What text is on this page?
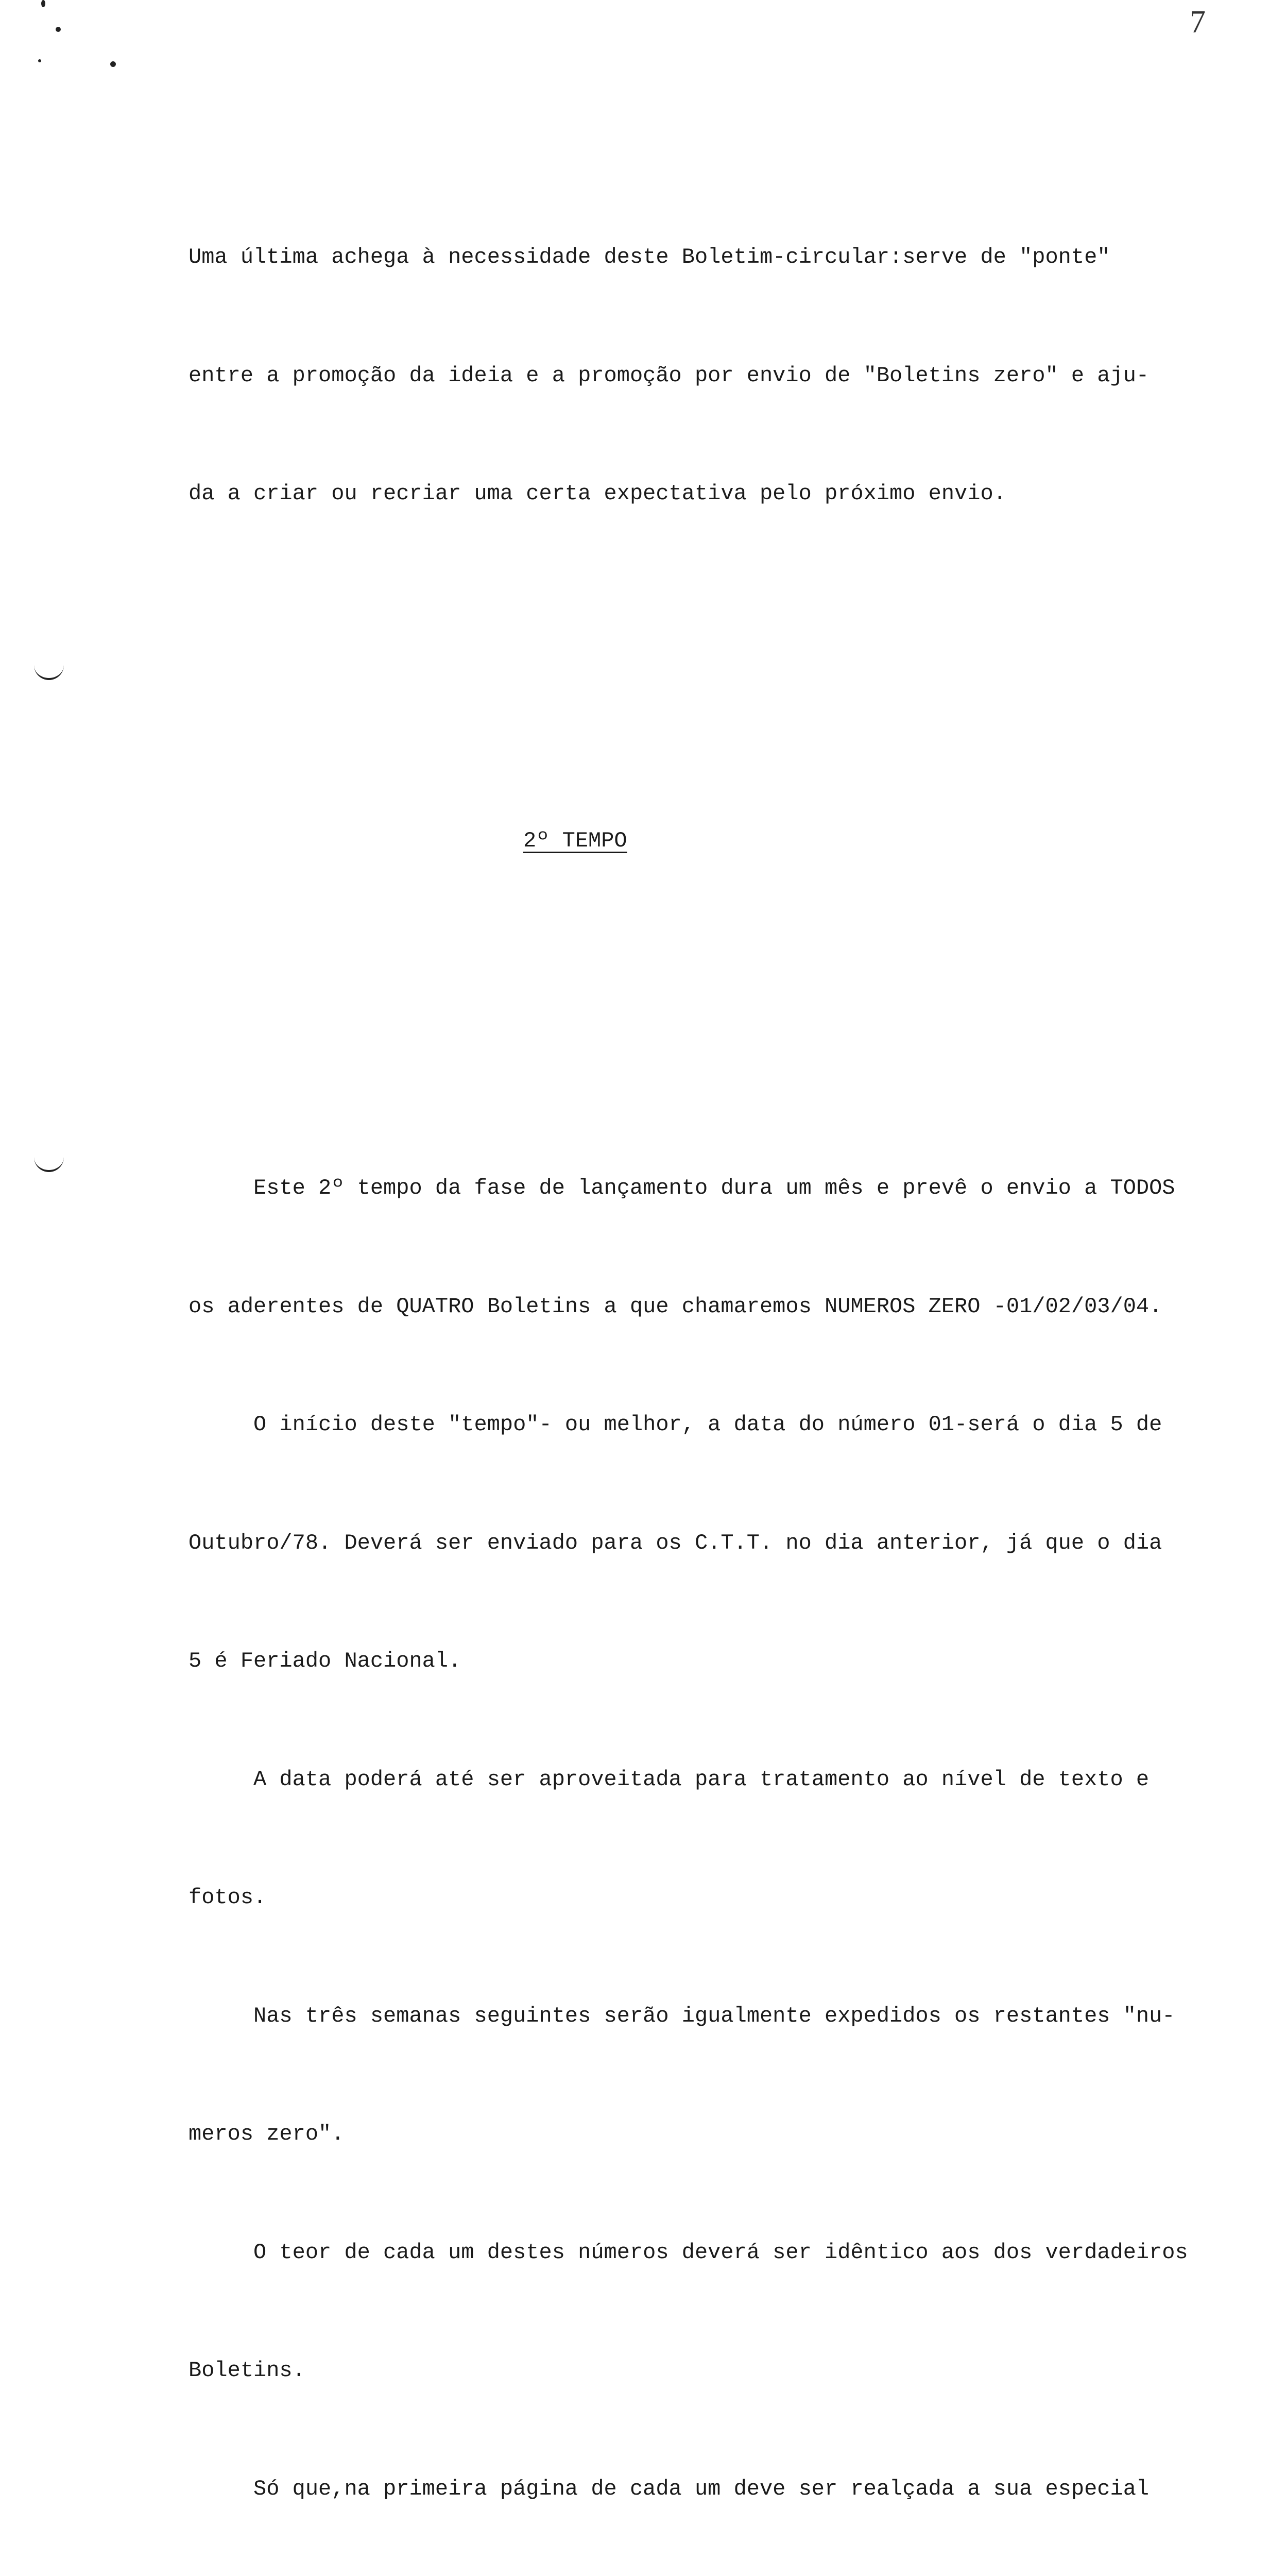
7

Uma última achega à necessidade deste Boletim-circular:serve de "ponte"

entre a promoção da ideia e a promoção por envio de "Boletins zero" e aju-

da a criar ou recriar uma certa expectativa pelo próximo envio.

2º TEMPO

Este 2º tempo da fase de lançamento dura um mês e prevê o envio a TODOS

os aderentes de QUATRO Boletins a que chamaremos NUMEROS ZERO -01/02/03/04.

O início deste "tempo"- ou melhor, a data do número 01-será o dia 5 de

Outubro/78. Deverá ser enviado para os C.T.T. no dia anterior, já que o dia

5 é Feriado Nacional.

A data poderá até ser aproveitada para tratamento ao nível de texto e

fotos.

Nas três semanas seguintes serão igualmente expedidos os restantes "nu-

meros zero".

O teor de cada um destes números deverá ser idêntico aos dos verdadeiros

Boletins.

Só que,na primeira página de cada um deve ser realçada a sua especial
